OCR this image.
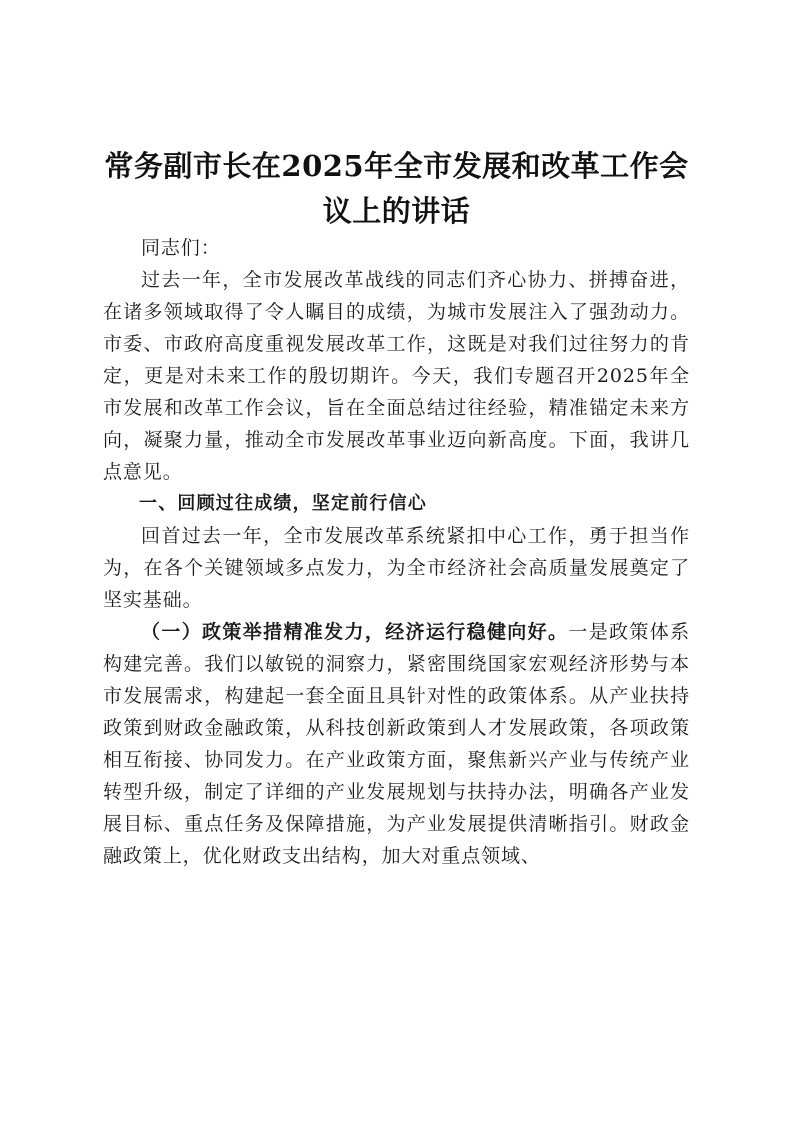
常务副市长在2025年全市发展和改革工作会议上的讲话

同志们：

过去一年，全市发展改革战线的同志们齐心协力、拼搏奋进，在诸多领域取得了令人瞩目的成绩，为城市发展注入了强劲动力。市委、市政府高度重视发展改革工作，这既是对我们过往努力的肯定，更是对未来工作的殷切期许。今天，我们专题召开2025年全市发展和改革工作会议，旨在全面总结过往经验，精准锚定未来方向，凝聚力量，推动全市发展改革事业迈向新高度。下面，我讲几点意见。

一、回顾过往成绩，坚定前行信心

回首过去一年，全市发展改革系统紧扣中心工作，勇于担当作为，在各个关键领域多点发力，为全市经济社会高质量发展奠定了坚实基础。

（一）政策举措精准发力，经济运行稳健向好。一是政策体系构建完善。我们以敏锐的洞察力，紧密围绕国家宏观经济形势与本市发展需求，构建起一套全面且具针对性的政策体系。从产业扶持政策到财政金融政策，从科技创新政策到人才发展政策，各项政策相互衔接、协同发力。在产业政策方面，聚焦新兴产业与传统产业转型升级，制定了详细的产业发展规划与扶持办法，明确各产业发展目标、重点任务及保障措施，为产业发展提供清晰指引。财政金融政策上，优化财政支出结构，加大对重点领域、
